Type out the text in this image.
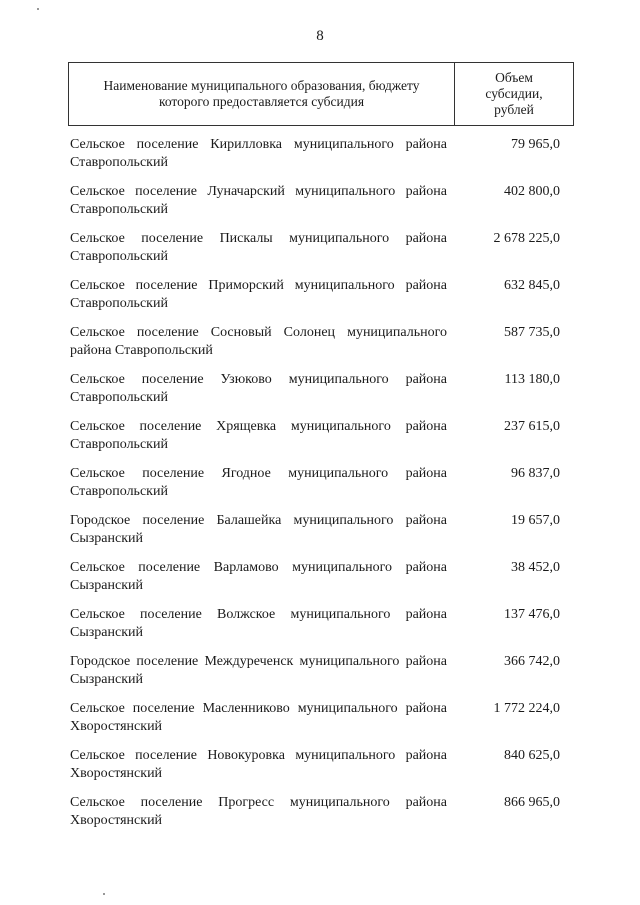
8
Наименование муниципального образования, бюджету которого предоставляется субсидия
Объем
субсидии,
рублей
Сельское поселение Кирилловка муниципального района Ставропольский
79 965,0
Сельское поселение Луначарский муниципального района Ставропольский
402 800,0
Сельское поселение Пискалы муниципального района Ставропольский
2 678 225,0
Сельское поселение Приморский муниципального района Ставропольский
632 845,0
Сельское поселение Сосновый Солонец муниципального района Ставропольский
587 735,0
Сельское поселение Узюково муниципального района Ставропольский
113 180,0
Сельское поселение Хрящевка муниципального района Ставропольский
237 615,0
Сельское поселение Ягодное муниципального района Ставропольский
96 837,0
Городское поселение Балашейка муниципального района Сызранский
19 657,0
Сельское поселение Варламово муниципального района Сызранский
38 452,0
Сельское поселение Волжское муниципального района Сызранский
137 476,0
Городское поселение Междуреченск муниципального района Сызранский
366 742,0
Сельское поселение Масленниково муниципального района Хворостянский
1 772 224,0
Сельское поселение Новокуровка муниципального района Хворостянский
840 625,0
Сельское поселение Прогресс муниципального района Хворостянский
866 965,0
